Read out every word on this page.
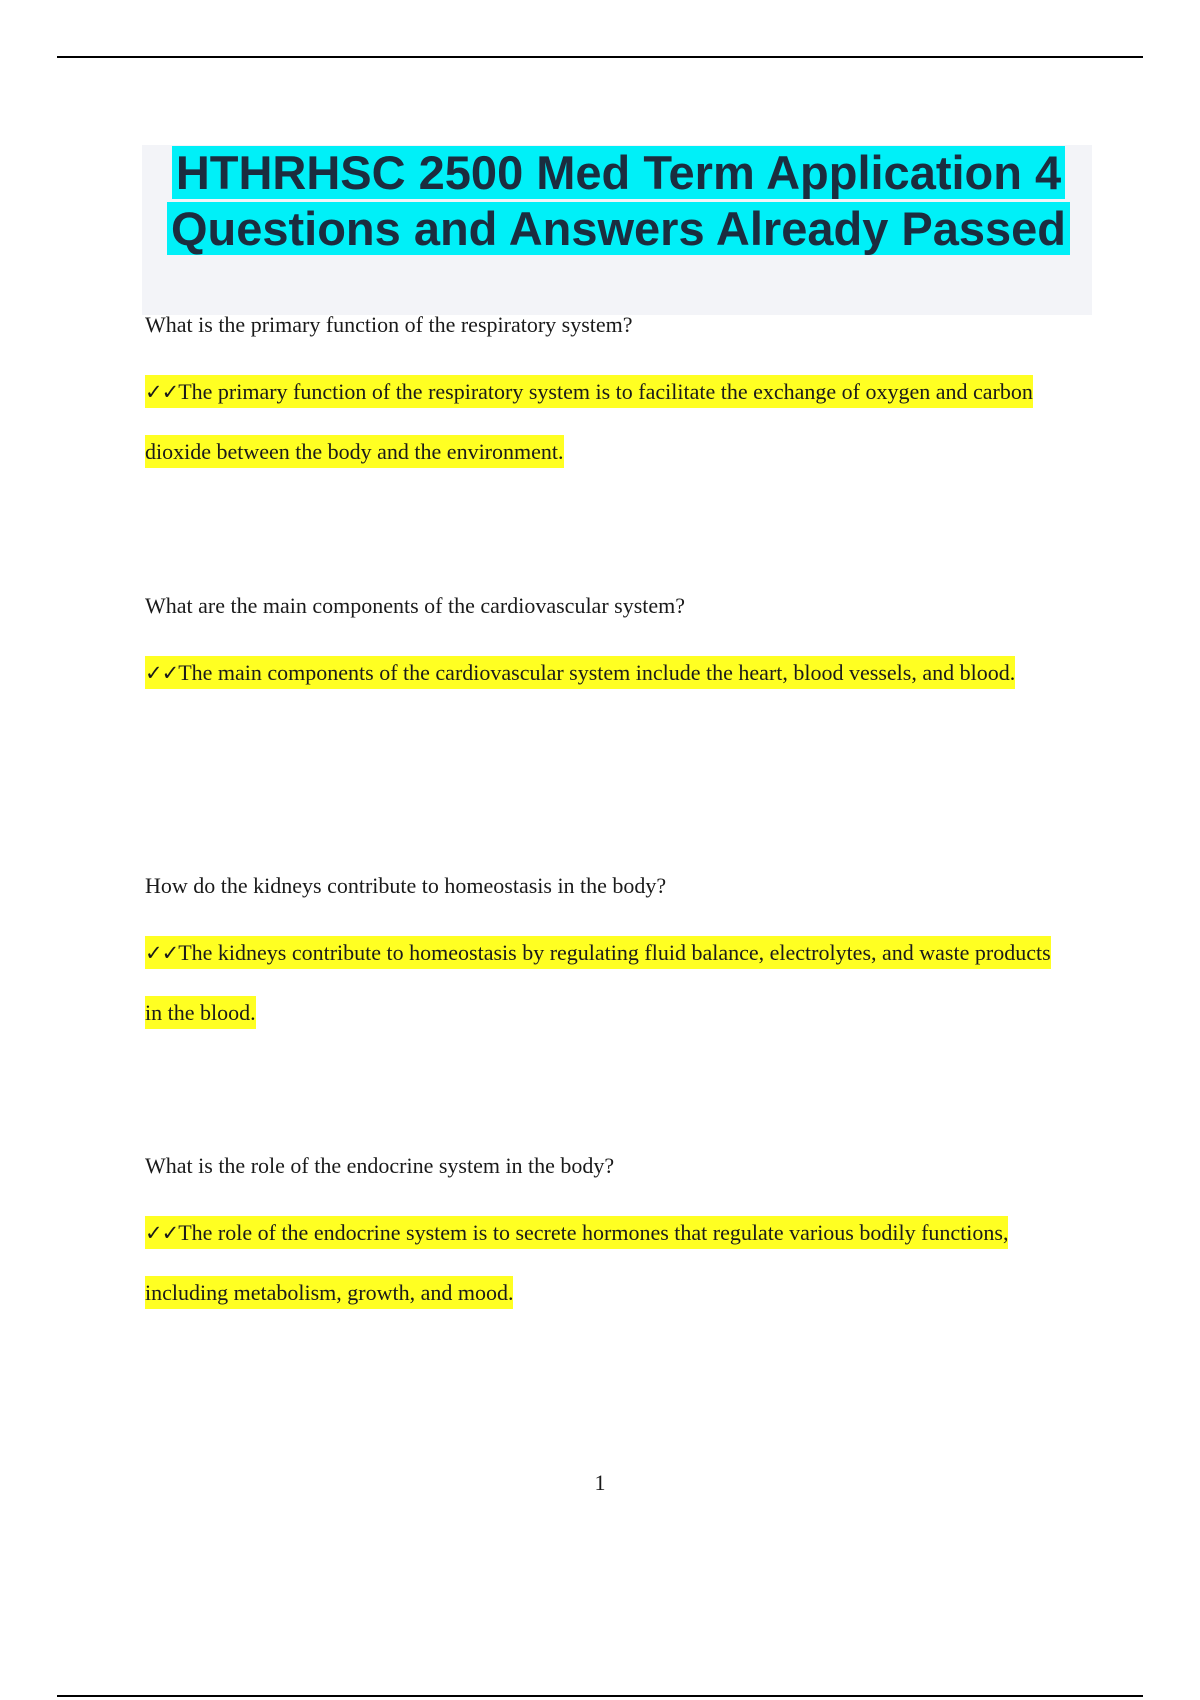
HTHRHSC 2500 Med Term Application 4
Questions and Answers Already Passed

What is the primary function of the respiratory system?

✓✓The primary function of the respiratory system is to facilitate the exchange of oxygen and carbon dioxide between the body and the environment.

What are the main components of the cardiovascular system?

✓✓The main components of the cardiovascular system include the heart, blood vessels, and blood.

How do the kidneys contribute to homeostasis in the body?

✓✓The kidneys contribute to homeostasis by regulating fluid balance, electrolytes, and waste products in the blood.

What is the role of the endocrine system in the body?

✓✓The role of the endocrine system is to secrete hormones that regulate various bodily functions, including metabolism, growth, and mood.

1
